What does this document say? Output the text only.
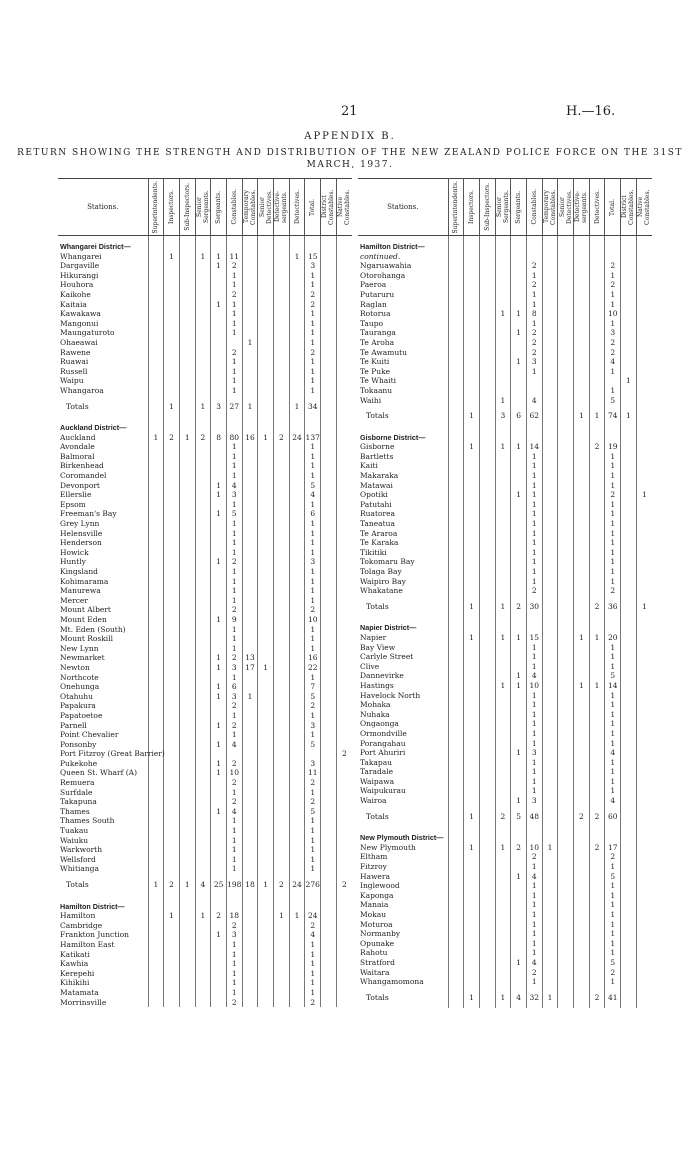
21	H.—16.
APPENDIX B.
RETURN SHOWING THE STRENGTH AND DISTRIBUTION OF THE NEW ZEALAND POLICE FORCE ON THE 31ST MARCH, 1937.
Stations.	Superintendents.	Inspectors.	Sub-Inspectors.	Senior Sergeants.	Sergeants.	Constables.	Temporary Constables.	Senior Detectives.	Detective-sergeants.	Detectives.	Total.	District Constables.	Native Constables.

Whangarei District—													
Whangarei		1		1	1	11				1	15		
Dargaville					1	2					3		
Hikurangi						1					1		
Houhora						1					1		
Kaikohe						2					2		
Kaitaia					1	1					2		
Kawakawa						1					1		
Mangonui						1					1		
Maungaturoto						1					1		
Ohaeawai							1				1		
Rawene						2					2		
Ruawai						1					1		
Russell						1					1		
Waipu						1					1		
Whangaroa						1					1		
Totals		1		1	3	27	1			1	34		
Auckland District—													
Auckland	1	2	1	2	8	80	16	1	2	24	137		
Avondale						1					1		
Balmoral						1					1		
Birkenhead						1					1		
Coromandel						1					1		
Devonport					1	4					5		
Ellerslie					1	3					4		
Epsom						1					1		
Freeman's Bay					1	5					6		
Grey Lynn						1					1		
Helensville						1					1		
Henderson						1					1		
Howick						1					1		
Huntly					1	2					3		
Kingsland						1					1		
Kohimarama						1					1		
Manurewa						1					1		
Mercer						1					1		
Mount Albert						2					2		
Mount Eden					1	9					10		
Mt. Eden (South)						1					1		
Mount Roskill						1					1		
New Lynn						1					1		
Newmarket					1	2	13				16		
Newton					1	3	17	1			22		
Northcote						1					1		
Onehunga					1	6					7		
Otahuhu					1	3	1				5		
Papakura						2					2		
Papatoetoe						1					1		
Parnell					1	2					3		
Point Chevalier						1					1		
Ponsonby					1	4					5		
Port Fitzroy (Great Barrier)													2
Pukekohe					1	2					3		
Queen St. Wharf (A)					1	10					11		
Remuera						2					2		
Surfdale						1					1		
Takapuna						2					2		
Thames					1	4					5		
Thames South						1					1		
Tuakau						1					1		
Waiuku						1					1		
Warkworth						1					1		
Wellsford						1					1		
Whitianga						1					1		
Totals	1	2	1	4	25	198	18	1	2	24	276		2
Hamilton District—													
Hamilton		1		1	2	18			1	1	24		
Cambridge						2					2		
Frankton Junction					1	3					4		
Hamilton East						1					1		
Katikati						1					1		
Kawhia						1					1		
Kerepehi						1					1		
Kihikihi						1					1		
Matamata						1					1		
Morrinsville						2					2		
Stations.	Superintendents.	Inspectors.	Sub-Inspectors.	Senior Sergeants.	Sergeants.	Constables.	Temporary Constables.	Senior Detectives.	Detective-sergeants.	Detectives.	Total.	District Constables.	Native Constables.

Hamilton District—													
continued.													
Ngaruawahia						2					2		
Otorohanga						1					1		
Paeroa						2					2		
Putaruru						1					1		
Raglan						1					1		
Rotorua				1	1	8					10		
Taupo						1					1		
Tauranga					1	2					3		
Te Aroha						2					2		
Te Awamutu						2					2		
Te Kuiti					1	3					4		
Te Puke						1					1		
Te Whaiti												1	
Tokaanu											1		
Waihi				1		4					5		
Totals		1		3	6	62			1	1	74	1	
Gisborne District—													
Gisborne		1		1	1	14				2	19		
Bartletts						1					1		
Kaiti						1					1		
Makaraka						1					1		
Matawai						1					1		
Opotiki					1	1					2		1
Patutahi						1					1		
Ruatorea						1					1		
Taneatua						1					1		
Te Araroa						1					1		
Te Karaka						1					1		
Tikitiki						1					1		
Tokomaru Bay						1					1		
Tolaga Bay						1					1		
Waipiro Bay						1					1		
Whakatane						2					2		
Totals		1		1	2	30				2	36		1
Napier District—													
Napier		1		1	1	15			1	1	20		
Bay View						1					1		
Carlyle Street						1					1		
Clive						1					1		
Dannevirke					1	4					5		
Hastings				1	1	10			1	1	14		
Havelock North						1					1		
Mohaka						1					1		
Nuhaka						1					1		
Ongaonga						1					1		
Ormondville						1					1		
Porangahau						1					1		
Port Ahuriri					1	3					4		
Takapau						1					1		
Taradale						1					1		
Waipawa						1					1		
Waipukurau						1					1		
Wairoa					1	3					4		
Totals		1		2	5	48			2	2	60		
New Plymouth District—													
New Plymouth		1		1	2	10	1			2	17		
Eltham						2					2		
Fitzroy						1					1		
Hawera					1	4					5		
Inglewood						1					1		
Kaponga						1					1		
Manaia						1					1		
Mokau						1					1		
Moturoa						1					1		
Normanby						1					1		
Opunake						1					1		
Rahotu						1					1		
Stratford					1	4					5		
Waitara						2					2		
Whangamomona						1					1		
Totals		1		1	4	32	1			2	41		
